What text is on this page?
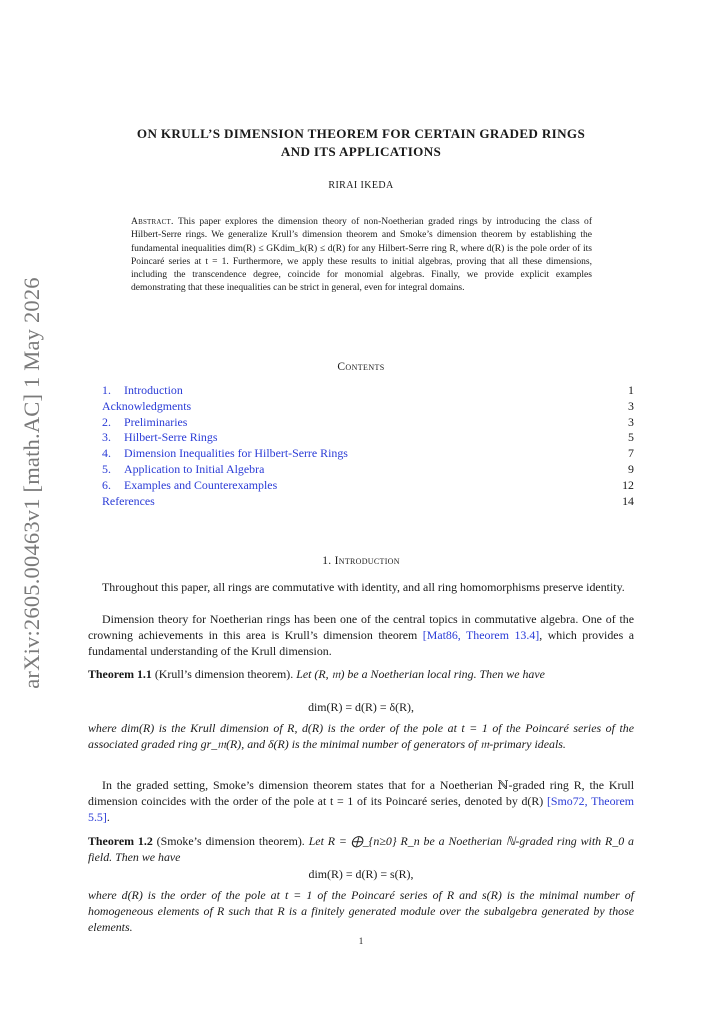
arXiv:2605.00463v1 [math.AC] 1 May 2026
ON KRULL’S DIMENSION THEOREM FOR CERTAIN GRADED RINGS
AND ITS APPLICATIONS
RIRAI IKEDA
Abstract. This paper explores the dimension theory of non-Noetherian graded rings by introducing the class of Hilbert-Serre rings. We generalize Krull’s dimension theorem and Smoke’s dimension theorem by establishing the fundamental inequalities dim(R) ≤ GKdim_k(R) ≤ d(R) for any Hilbert-Serre ring R, where d(R) is the pole order of its Poincaré series at t = 1. Furthermore, we apply these results to initial algebras, proving that all these dimensions, including the transcendence degree, coincide for monomial algebras. Finally, we provide explicit examples demonstrating that these inequalities can be strict in general, even for integral domains.
Contents
1. Introduction	1
Acknowledgments	3
2. Preliminaries	3
3. Hilbert-Serre Rings	5
4. Dimension Inequalities for Hilbert-Serre Rings	7
5. Application to Initial Algebra	9
6. Examples and Counterexamples	12
References	14
1. Introduction

Throughout this paper, all rings are commutative with identity, and all ring homomorphisms preserve identity.

Dimension theory for Noetherian rings has been one of the central topics in commutative algebra. One of the crowning achievements in this area is Krull’s dimension theorem [Mat86, Theorem 13.4], which provides a fundamental understanding of the Krull dimension.

Theorem 1.1 (Krull’s dimension theorem). Let (R, 𝔪) be a Noetherian local ring. Then we have

dim(R) = d(R) = δ(R),

where dim(R) is the Krull dimension of R, d(R) is the order of the pole at t = 1 of the Poincaré series of the associated graded ring gr_𝔪(R), and δ(R) is the minimal number of generators of 𝔪-primary ideals.

In the graded setting, Smoke’s dimension theorem states that for a Noetherian ℕ-graded ring R, the Krull dimension coincides with the order of the pole at t = 1 of its Poincaré series, denoted by d(R) [Smo72, Theorem 5.5].

Theorem 1.2 (Smoke’s dimension theorem). Let R = ⨁_{n≥0} R_n be a Noetherian ℕ-graded ring with R_0 a field. Then we have

dim(R) = d(R) = s(R),

where d(R) is the order of the pole at t = 1 of the Poincaré series of R and s(R) is the minimal number of homogeneous elements of R such that R is a finitely generated module over the subalgebra generated by those elements.

1
